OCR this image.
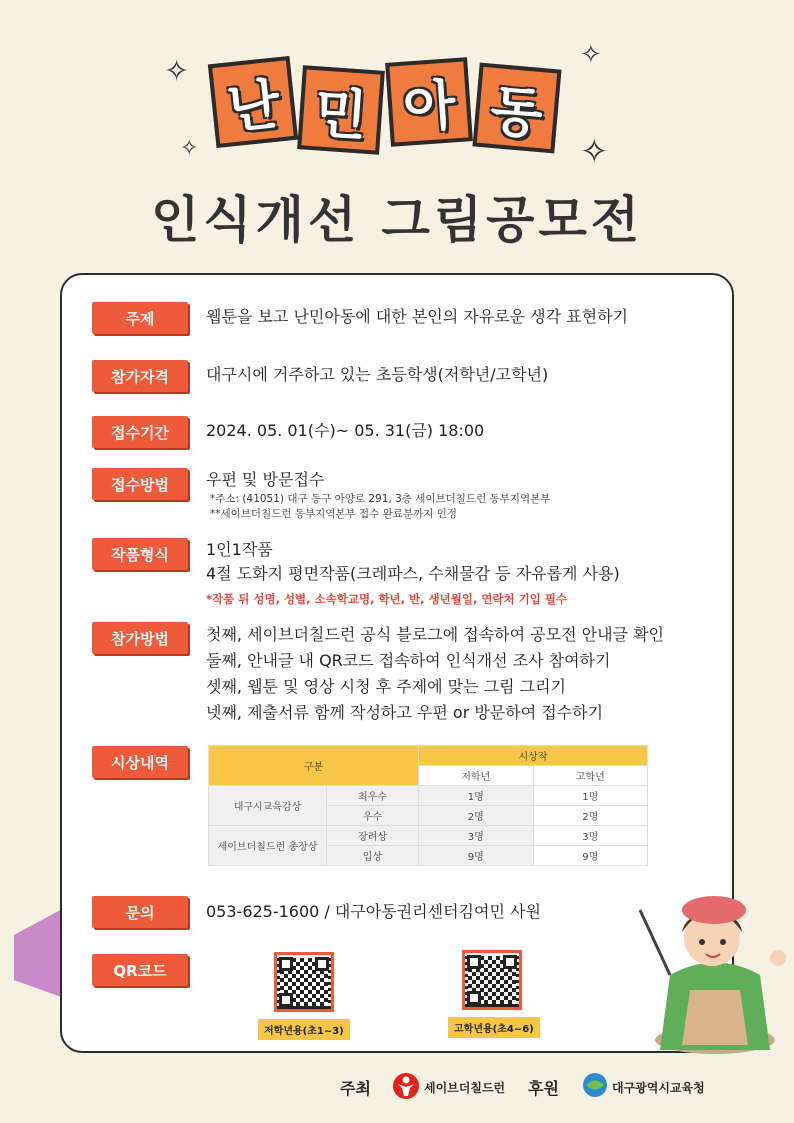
✧
✧
✧
✧
난 민 아 동
인식개선 그림공모전
주제	웹툰을 보고 난민아동에 대한 본인의 자유로운 생각 표현하기
참가자격	대구시에 거주하고 있는 초등학생(저학년/고학년)
접수기간	2024. 05. 01(수)~ 05. 31(금) 18:00
접수방법	우편 및 방문접수
*주소: (41051) 대구 동구 아양로 291, 3층 세이브더칠드런 동부지역본부
**세이브더칠드런 동부지역본부 접수 완료분까지 인정
작품형식	1인1작품
4절 도화지 평면작품(크레파스, 수채물감 등 자유롭게 사용)
*작품 뒤 성명, 성별, 소속학교명, 학년, 반, 생년월일, 연락처 기입 필수
참가방법	첫째, 세이브더칠드런 공식 블로그에 접속하여 공모전 안내글 확인
둘째, 안내글 내 QR코드 접속하여 인식개선 조사 참여하기
셋째, 웹툰 및 영상 시청 후 주제에 맞는 그림 그리기
넷째, 제출서류 함께 작성하고 우편 or 방문하여 접수하기
시상내역	구분		시상작	
		저학년	고학년
대구시교육감상	최우수	1명	1명
	우수	2명	2명
세이브더칠드런 총장상	장려상	3명	3명
	입상	9명	9명
문의	053-625-1600 / 대구아동권리센터김여민 사원
QR코드
저학년용(초1~3)	고학년용(초4~6)
주최	세이브더칠드런 후원	대구광역시교육청
